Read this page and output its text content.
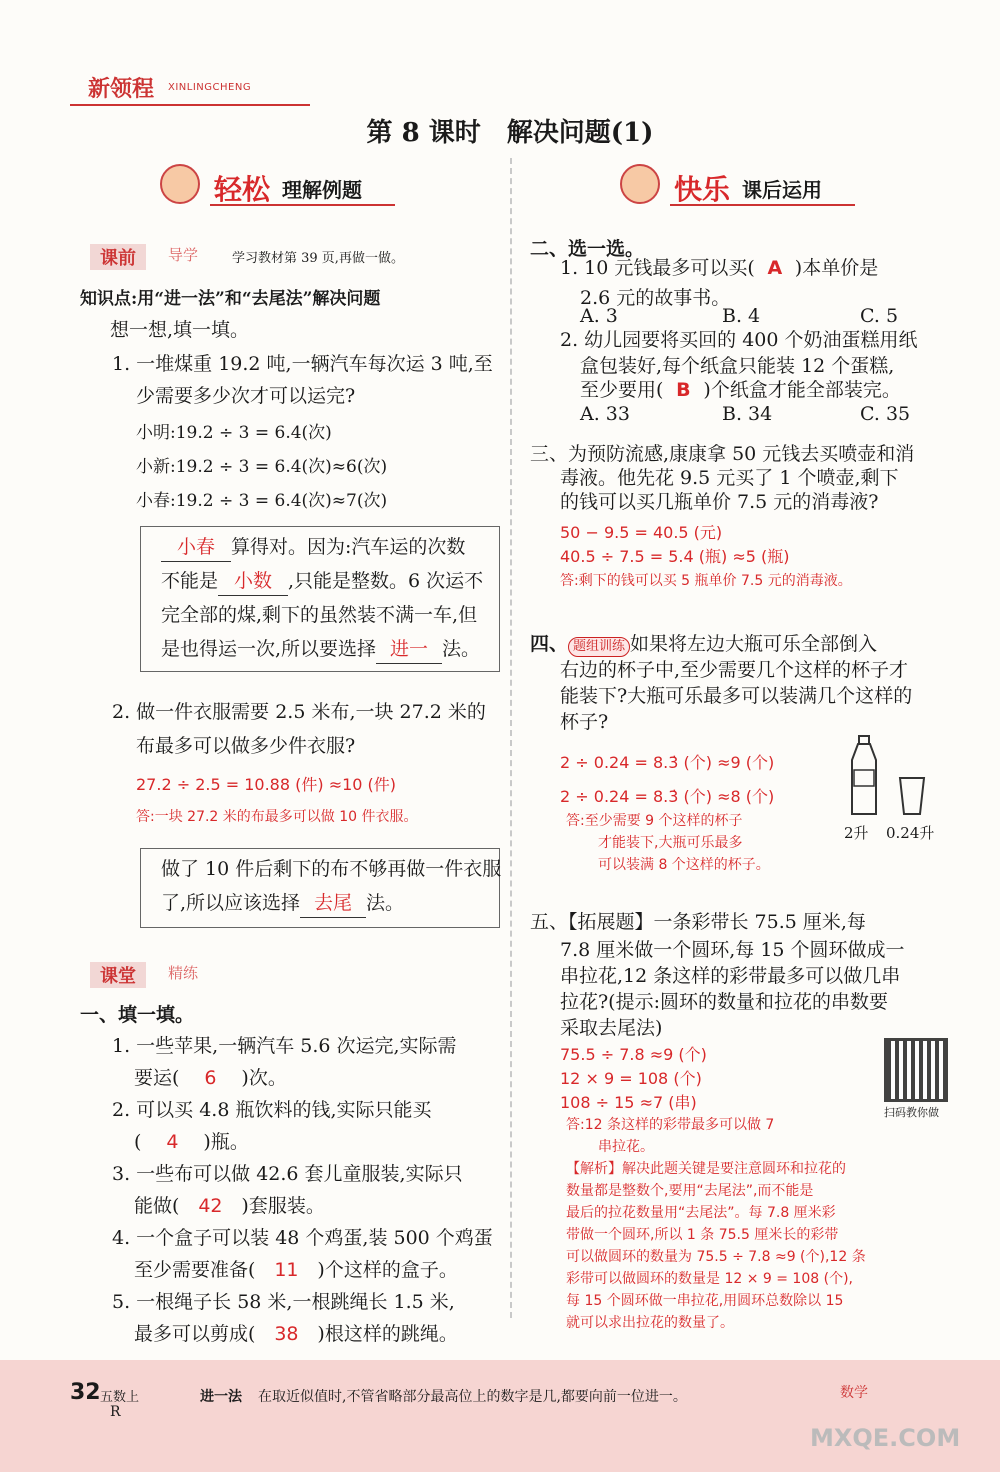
新领程 XINLINGCHENG
第 8 课时　解决问题(1)
轻松 理解例题	快乐 课后运用
课前	导学	学习教材第 39 页,再做一做。
知识点:用“进一法”和“去尾法”解决问题
想一想,填一填。
1. 一堆煤重 19.2 吨,一辆汽车每次运 3 吨,至
少需要多少次才可以运完?
小明:19.2 ÷ 3 = 6.4(次)
小新:19.2 ÷ 3 = 6.4(次)≈6(次)
小春:19.2 ÷ 3 = 6.4(次)≈7(次)
小春 算得对。因为:汽车运的次数
不能是 小数 ,只能是整数。6 次运不
完全部的煤,剩下的虽然装不满一车,但
是也得运一次,所以要选择 进一 法。
2. 做一件衣服需要 2.5 米布,一块 27.2 米的
布最多可以做多少件衣服?
27.2 ÷ 2.5 = 10.88 (件) ≈10 (件)
答:一块 27.2 米的布最多可以做 10 件衣服。
做了 10 件后剩下的布不够再做一件衣服
了,所以应该选择 去尾 法。
课堂	精练
一、填一填。
1. 一些苹果,一辆汽车 5.6 次运完,实际需
要运( 6 )次。
2. 可以买 4.8 瓶饮料的钱,实际只能买
( 4 )瓶。
3. 一些布可以做 42.6 套儿童服装,实际只
能做( 42 )套服装。
4. 一个盒子可以装 48 个鸡蛋,装 500 个鸡蛋
至少需要准备( 11 )个这样的盒子。
5. 一根绳子长 58 米,一根跳绳长 1.5 米,
最多可以剪成( 38 )根这样的跳绳。
二、选一选。
1. 10 元钱最多可以买( A )本单价是
2.6 元的故事书。
A. 3	B. 4	C. 5
2. 幼儿园要将买回的 400 个奶油蛋糕用纸
盒包装好,每个纸盒只能装 12 个蛋糕,
至少要用( B )个纸盒才能全部装完。
A. 33	B. 34	C. 35
三、为预防流感,康康拿 50 元钱去买喷壶和消
毒液。他先花 9.5 元买了 1 个喷壶,剩下
的钱可以买几瓶单价 7.5 元的消毒液?
50 − 9.5 = 40.5 (元)
40.5 ÷ 7.5 = 5.4 (瓶) ≈5 (瓶)
答:剩下的钱可以买 5 瓶单价 7.5 元的消毒液。
四、 题组训练 如果将左边大瓶可乐全部倒入
右边的杯子中,至少需要几个这样的杯子才
能装下?大瓶可乐最多可以装满几个这样的
杯子?
2 ÷ 0.24 = 8.3̇ (个) ≈9 (个)
2 ÷ 0.24 = 8.3̇ (个) ≈8 (个)
答:至少需要 9 个这样的杯子
才能装下,大瓶可乐最多
可以装满 8 个这样的杯子。
2升 0.24升
五、【拓展题】一条彩带长 75.5 厘米,每
7.8 厘米做一个圆环,每 15 个圆环做成一
串拉花,12 条这样的彩带最多可以做几串
拉花?(提示:圆环的数量和拉花的串数要
采取去尾法)
75.5 ÷ 7.8 ≈9 (个)
12 × 9 = 108 (个)
108 ÷ 15 ≈7 (串)
答:12 条这样的彩带最多可以做 7
串拉花。
扫码教你做
【解析】解决此题关键是要注意圆环和拉花的
数量都是整数个,要用“去尾法”,而不能是
最后的拉花数量用“去尾法”。每 7.8 厘米彩
带做一个圆环,所以 1 条 75.5 厘米长的彩带
可以做圆环的数量为 75.5 ÷ 7.8 ≈9 (个),12 条
彩带可以做圆环的数量是 12 × 9 = 108 (个),
每 15 个圆环做一串拉花,用圆环总数除以 15
就可以求出拉花的数量了。
32 五数上
R
进一法 在取近似值时,不管省略部分最高位上的数字是几,都要向前一位进一。	数学
MXQE.COM
